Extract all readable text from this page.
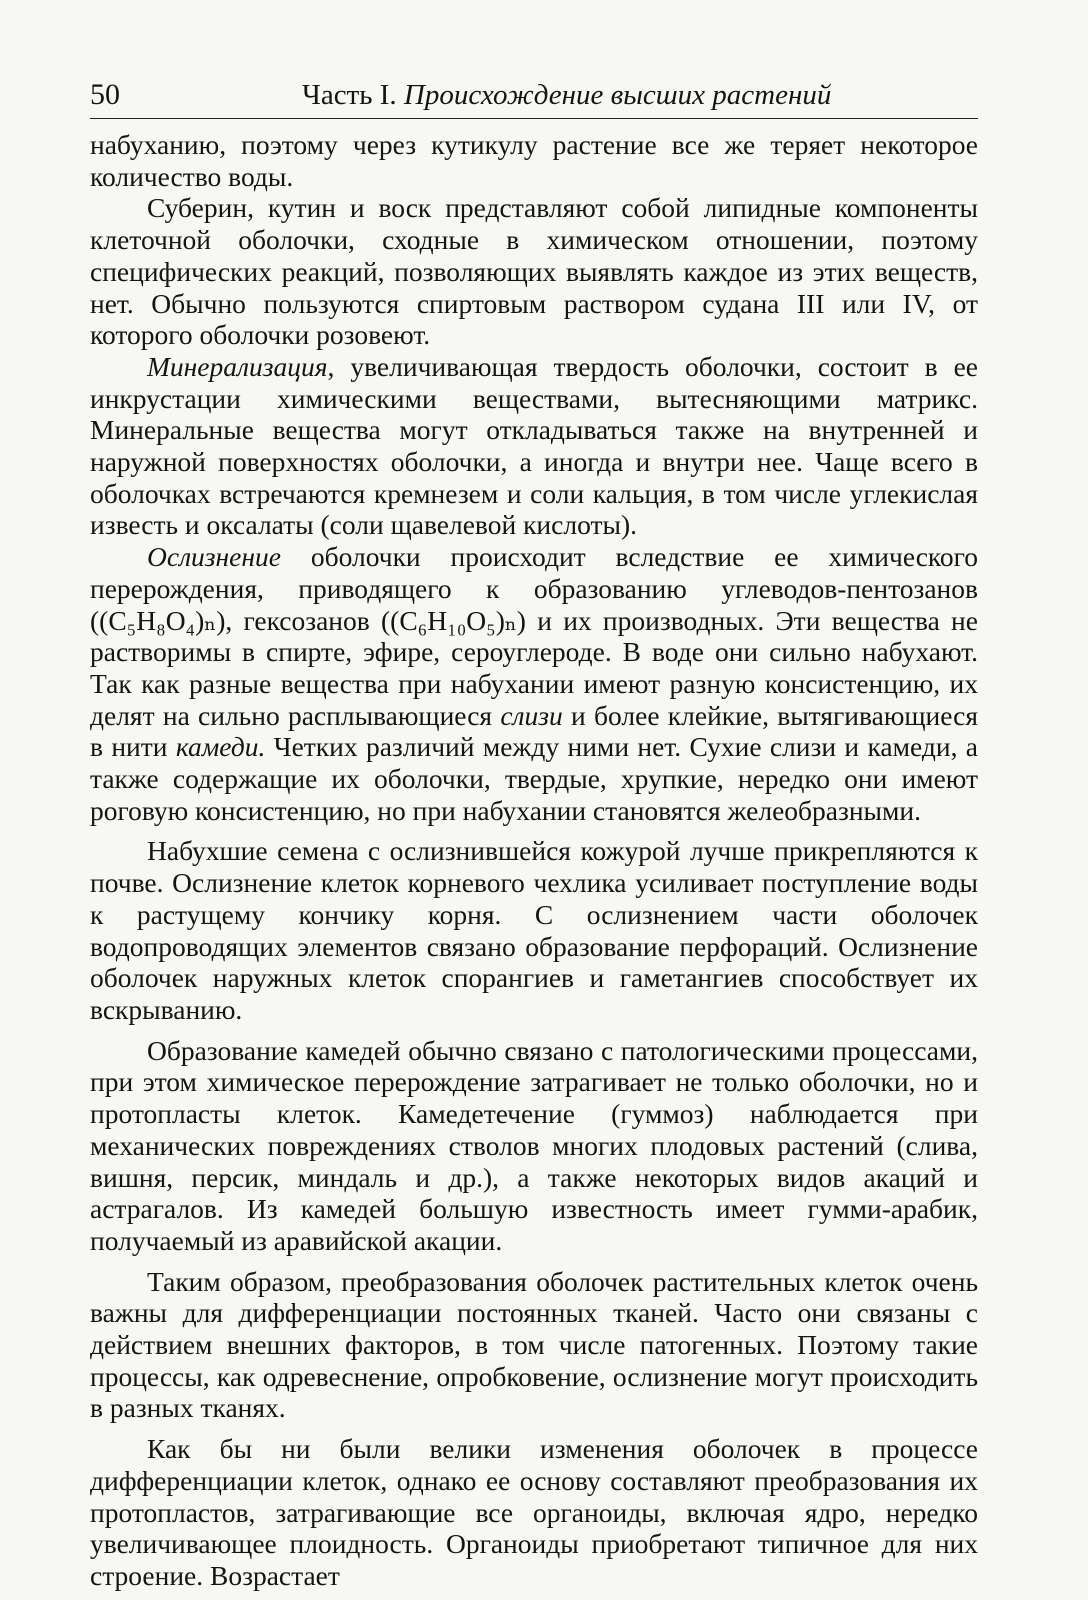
50	Часть I. Происхождение высших растений

набуханию, поэтому через кутикулу растение все же теряет некоторое количество воды.

Суберин, кутин и воск представляют собой липидные компоненты клеточной оболочки, сходные в химическом отношении, поэтому специфических реакций, позволяющих выявлять каждое из этих веществ, нет. Обычно пользуются спиртовым раствором судана III или IV, от которого оболочки розовеют.

Минерализация, увеличивающая твердость оболочки, состоит в ее инкрустации химическими веществами, вытесняющими матрикс. Минеральные вещества могут откладываться также на внутренней и наружной поверхностях оболочки, а иногда и внутри нее. Чаще всего в оболочках встречаются кремнезем и соли кальция, в том числе углекислая известь и оксалаты (соли щавелевой кислоты).

Ослизнение оболочки происходит вследствие ее химического перерождения, приводящего к образованию углеводов-пентозанов ((C₅H₈O₄)ₙ), гексозанов ((C₆H₁₀O₅)ₙ) и их производных. Эти вещества не растворимы в спирте, эфире, сероуглероде. В воде они сильно набухают. Так как разные вещества при набухании имеют разную консистенцию, их делят на сильно расплывающиеся слизи и более клейкие, вытягивающиеся в нити камеди. Четких различий между ними нет. Сухие слизи и камеди, а также содержащие их оболочки, твердые, хрупкие, нередко они имеют роговую консистенцию, но при набухании становятся желеобразными.

Набухшие семена с ослизнившейся кожурой лучше прикрепляются к почве. Ослизнение клеток корневого чехлика усиливает поступление воды к растущему кончику корня. С ослизнением части оболочек водопроводящих элементов связано образование перфораций. Ослизнение оболочек наружных клеток спорангиев и гаметангиев способствует их вскрыванию.

Образование камедей обычно связано с патологическими процессами, при этом химическое перерождение затрагивает не только оболочки, но и протопласты клеток. Камедетечение (гуммоз) наблюдается при механических повреждениях стволов многих плодовых растений (слива, вишня, персик, миндаль и др.), а также некоторых видов акаций и астрагалов. Из камедей большую известность имеет гумми-арабик, получаемый из аравийской акации.

Таким образом, преобразования оболочек растительных клеток очень важны для дифференциации постоянных тканей. Часто они связаны с действием внешних факторов, в том числе патогенных. Поэтому такие процессы, как одревеснение, опробковение, ослизнение могут происходить в разных тканях.

Как бы ни были велики изменения оболочек в процессе дифференциации клеток, однако ее основу составляют преобразования их протопластов, затрагивающие все органоиды, включая ядро, нередко увеличивающее плоидность. Органоиды приобретают типичное для них строение. Возрастает
